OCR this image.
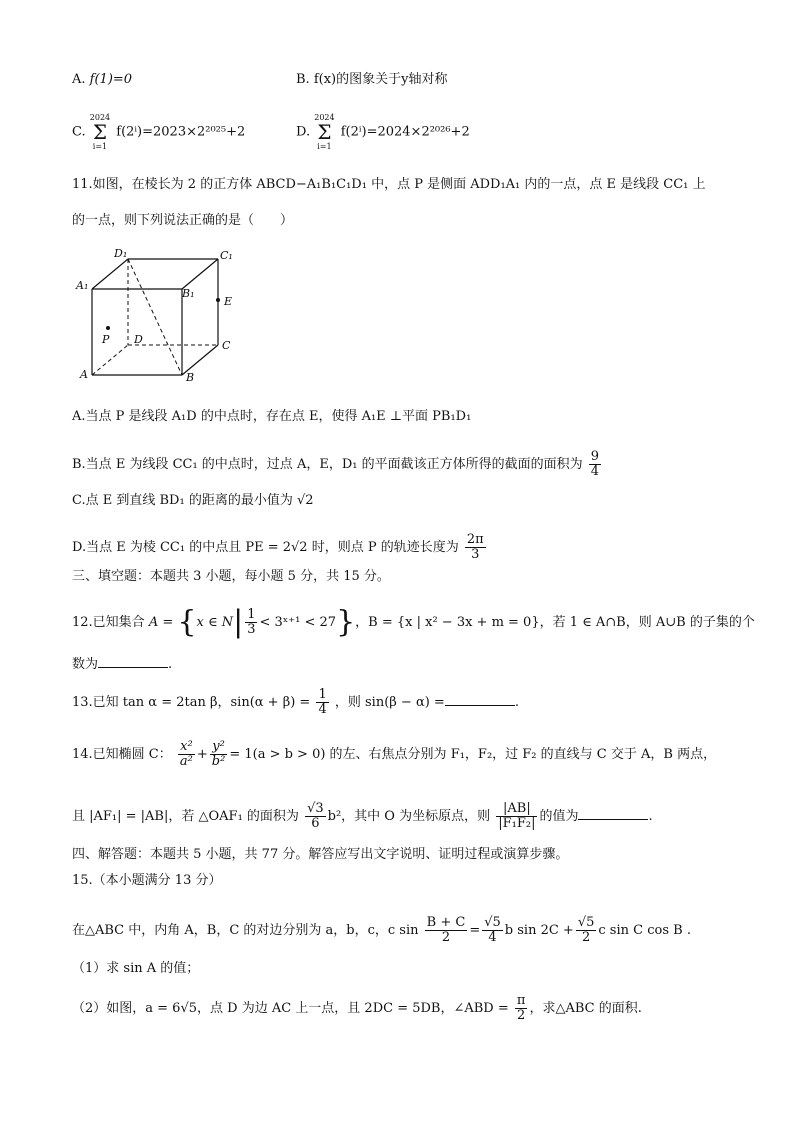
A. f(1)=0	B. f(x)的图象关于y轴对称
C. 2024
Σ
i=1 f(2ⁱ)=2023×2²⁰²⁵+2	D. 2024
Σ
i=1 f(2ⁱ)=2024×2²⁰²⁶+2
11.如图，在棱长为 2 的正方体 ABCD−A₁B₁C₁D₁ 中，点 P 是侧面 ADD₁A₁ 内的一点，点 E 是线段 CC₁ 上
的一点，则下列说法正确的是（　　）
D₁	C₁
A₁
B₁
E
P D	C
A	B
A.当点 P 是线段 A₁D 的中点时，存在点 E，使得 A₁E ⊥平面 PB₁D₁
B.当点 E 为线段 CC₁ 的中点时，过点 A，E，D₁ 的平面截该正方体所得的截面的面积为 $\frac{9}{4}$
C.点 E 到直线 BD₁ 的距离的最小值为 √2
D.当点 E 为棱 CC₁ 的中点且 PE = 2√2 时，则点 P 的轨迹长度为 $\frac{2\pi}{3}$
三、填空题：本题共 3 小题，每小题 5 分，共 15 分。
12.已知集合 A = {x ∈ $N| \frac{1}{3}$ < 3ˣ⁺¹ < 27}，B = {x | x² − 3x + m = 0}，若 1 ∈ A∩B，则 A∪B 的子集的个
数为	.
13.已知 tan α = 2tan β，$\sin(\alpha + \beta) = \frac{1}{4}$ ，则 sin(β − α) =	.
14.已知椭圆 C： $\frac{\text{x²}}{\text{a²}} + \frac{\text{y²}}{\text{b²}} = 1(a > b > 0)$ 的左、右焦点分别为 F₁，F₂，过 F₂ 的直线与 C 交于 A，B 两点，
且 |AF₁| = |AB|，若 △OAF₁ 的面积为 $\frac{√3}{6} b^2$，其中 O 为坐标原点，则 $\frac{|AB|}{\text{|F₁F₂|}}$ 的值为	.
四、解答题：本题共 5 小题，共 77 分。解答应写出文字说明、证明过程或演算步骤。
15.（本小题满分 13 分）
在△ABC 中，内角 A，B，C 的对边分别为 a，b，c，c $\sin \frac{B + C}{2} = \frac{√5}{4}$ b $\sin 2C + \frac{√5}{2}$ c sin C cos B .
（1）求 sin A 的值；
（2）如图，a = 6√5，点 D 为边 AC 上一点，且 2DC = 5DB，∠ABD = $\frac{\pi}{2}$ ，求△ABC 的面积.
